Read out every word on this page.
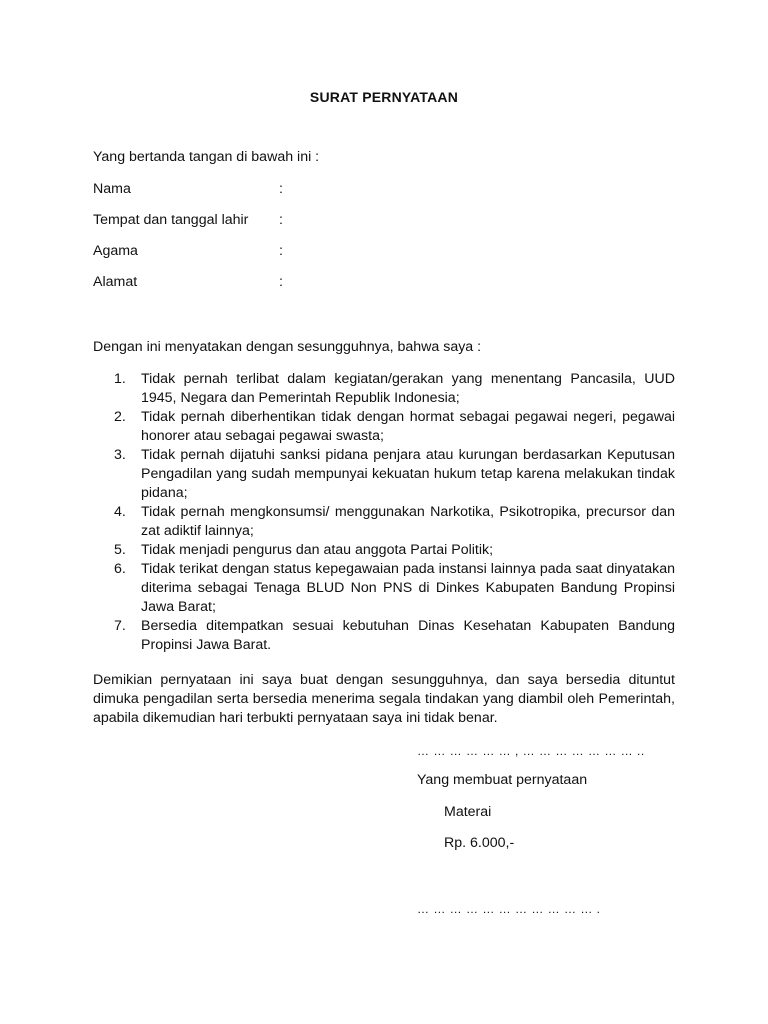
SURAT PERNYATAAN
Yang bertanda tangan di bawah ini :
Nama	:
Tempat dan tanggal lahir :
Agama	:
Alamat	:
Dengan ini menyatakan dengan sesungguhnya, bahwa saya :
1. Tidak pernah terlibat dalam kegiatan/gerakan yang menentang Pancasila, UUD 1945, Negara dan Pemerintah Republik Indonesia;
2. Tidak pernah diberhentikan tidak dengan hormat sebagai pegawai negeri, pegawai honorer atau sebagai pegawai swasta;
3. Tidak pernah dijatuhi sanksi pidana penjara atau kurungan berdasarkan Keputusan Pengadilan yang sudah mempunyai kekuatan hukum tetap karena melakukan tindak pidana;
4. Tidak pernah mengkonsumsi/ menggunakan Narkotika, Psikotropika, precursor dan zat adiktif lainnya;
5. Tidak menjadi pengurus dan atau anggota Partai Politik;
6. Tidak terikat dengan status kepegawaian pada instansi lainnya pada saat dinyatakan diterima sebagai Tenaga BLUD Non PNS di Dinkes Kabupaten Bandung Propinsi Jawa Barat;
7. Bersedia ditempatkan sesuai kebutuhan Dinas Kesehatan Kabupaten Bandung Propinsi Jawa Barat.
Demikian pernyataan ini saya buat dengan sesungguhnya, dan saya bersedia dituntut dimuka pengadilan serta bersedia menerima segala tindakan yang diambil oleh Pemerintah, apabila dikemudian hari terbukti pernyataan saya ini tidak benar.
… … … … … … , … … … … … … … ..
Yang membuat pernyataan
Materai
Rp. 6.000,-
… … … … … … … … … … … .
